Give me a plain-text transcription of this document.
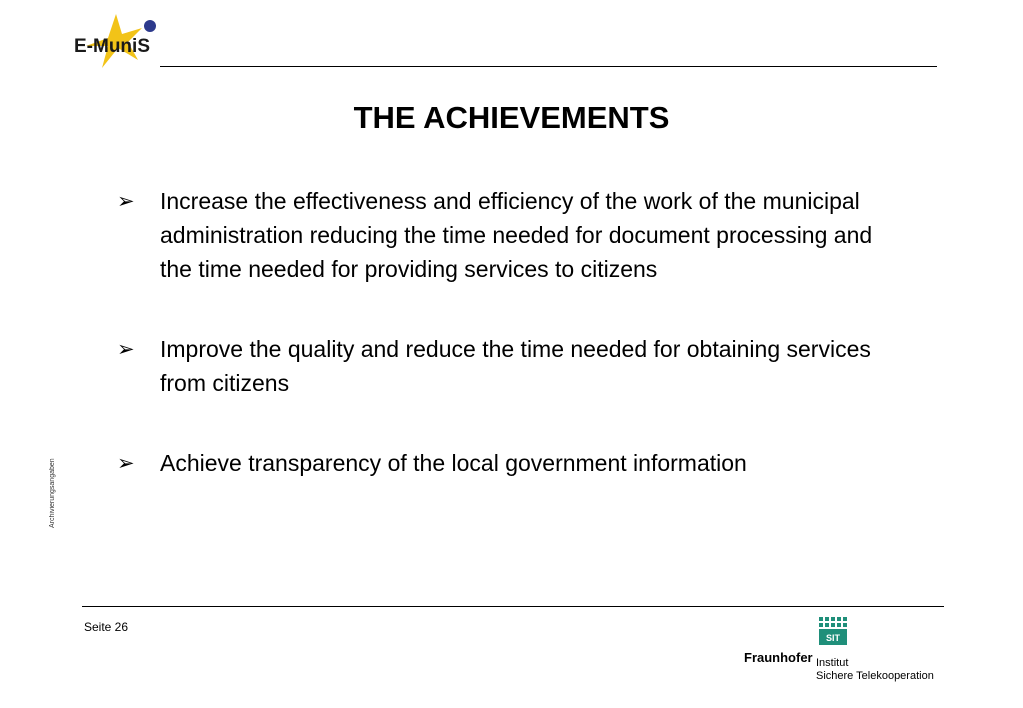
E-MuniS
THE ACHIEVEMENTS
➢ Increase the effectiveness and efficiency of the work of the municipal administration reducing the time needed for document processing and the time needed for providing services to citizens
➢ Improve the quality and reduce the time needed for obtaining services from citizens
➢ Achieve transparency of the local government information
Archivierungsangaben
Seite 26
SIT
Fraunhofer Institut
Sichere Telekooperation
